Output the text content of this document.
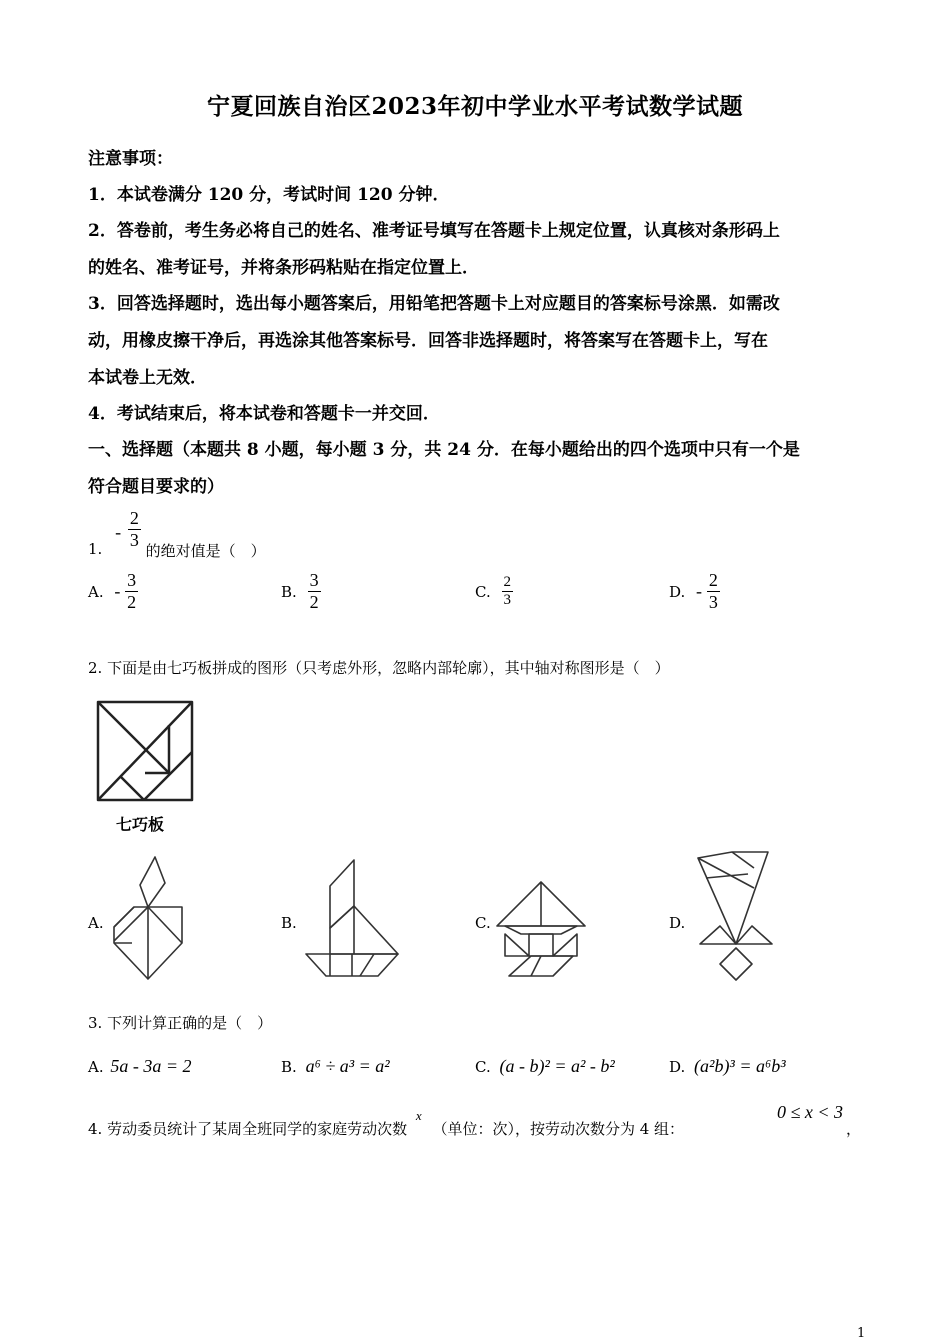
宁夏回族自治区2023年初中学业水平考试数学试题
注意事项：
1．本试卷满分 120 分，考试时间 120 分钟．
2．答卷前，考生务必将自己的姓名、准考证号填写在答题卡上规定位置，认真核对条形码上
的姓名、准考证号，并将条形码粘贴在指定位置上．
3．回答选择题时，选出每小题答案后，用铅笔把答题卡上对应题目的答案标号涂黑．如需改
动，用橡皮擦干净后，再选涂其他答案标号．回答非选择题时，将答案写在答题卡上，写在
本试卷上无效．
4．考试结束后，将本试卷和答题卡一并交回．
一、选择题（本题共 8 小题，每小题 3 分，共 24 分．在每小题给出的四个选项中只有一个是
符合题目要求的）
1. - $\frac{2}{3}$ 的绝对值是（　）
A. - $\frac{3}{2}$	B. $\frac{3}{2}$	C. $\frac{2}{3}$	D. - $\frac{2}{3}$
2. 下面是由七巧板拼成的图形（只考虑外形，忽略内部轮廓），其中轴对称图形是（　）
七巧板
A.	B.	C.	D.
3. 下列计算正确的是（　）
A. 5a - 3a = 2	B. a⁶ ÷ a³ = a²	C. (a - b)² = a² - b²	D. (a²b)³ = a⁶b³
4. 劳动委员统计了某周全班同学的家庭劳动次数 x （单位：次），按劳动次数分为 4 组：
0 ≤ x < 3
，
1
